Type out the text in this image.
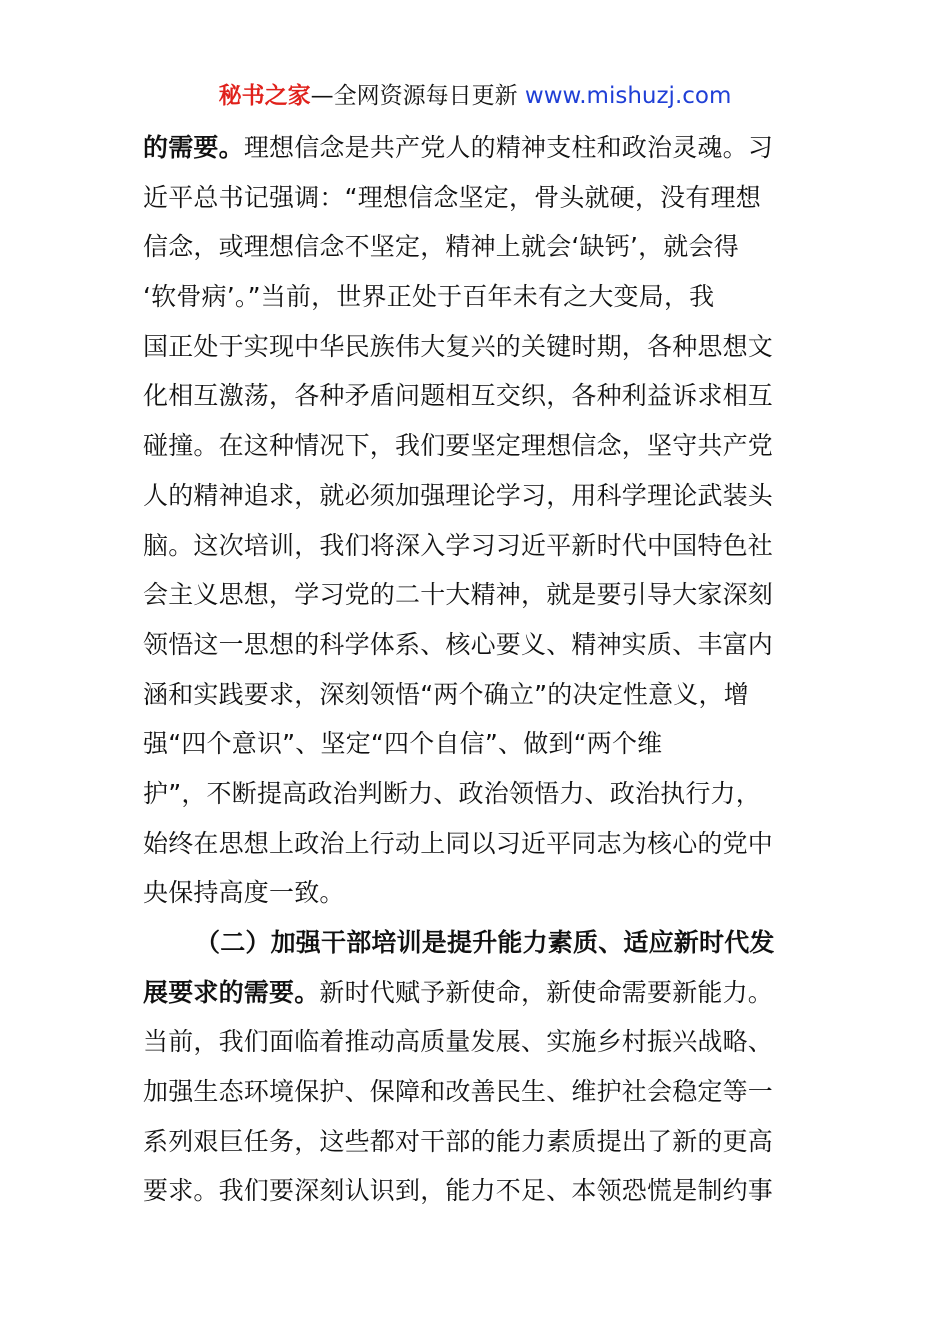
秘书之家—全网资源每日更新 www.mishuzj.com
的需要。理想信念是共产党人的精神支柱和政治灵魂。习
近平总书记强调：“理想信念坚定，骨头就硬，没有理想
信念，或理想信念不坚定，精神上就会‘缺钙’，就会得
‘软骨病’。”当前，世界正处于百年未有之大变局，我
国正处于实现中华民族伟大复兴的关键时期，各种思想文
化相互激荡，各种矛盾问题相互交织，各种利益诉求相互
碰撞。在这种情况下，我们要坚定理想信念，坚守共产党
人的精神追求，就必须加强理论学习，用科学理论武装头
脑。这次培训，我们将深入学习习近平新时代中国特色社
会主义思想，学习党的二十大精神，就是要引导大家深刻
领悟这一思想的科学体系、核心要义、精神实质、丰富内
涵和实践要求，深刻领悟“两个确立”的决定性意义，增
强“四个意识”、坚定“四个自信”、做到“两个维
护”，不断提高政治判断力、政治领悟力、政治执行力，
始终在思想上政治上行动上同以习近平同志为核心的党中
央保持高度一致。
（二）加强干部培训是提升能力素质、适应新时代发
展要求的需要。新时代赋予新使命，新使命需要新能力。
当前，我们面临着推动高质量发展、实施乡村振兴战略、
加强生态环境保护、保障和改善民生、维护社会稳定等一
系列艰巨任务，这些都对干部的能力素质提出了新的更高
要求。我们要深刻认识到，能力不足、本领恐慌是制约事
